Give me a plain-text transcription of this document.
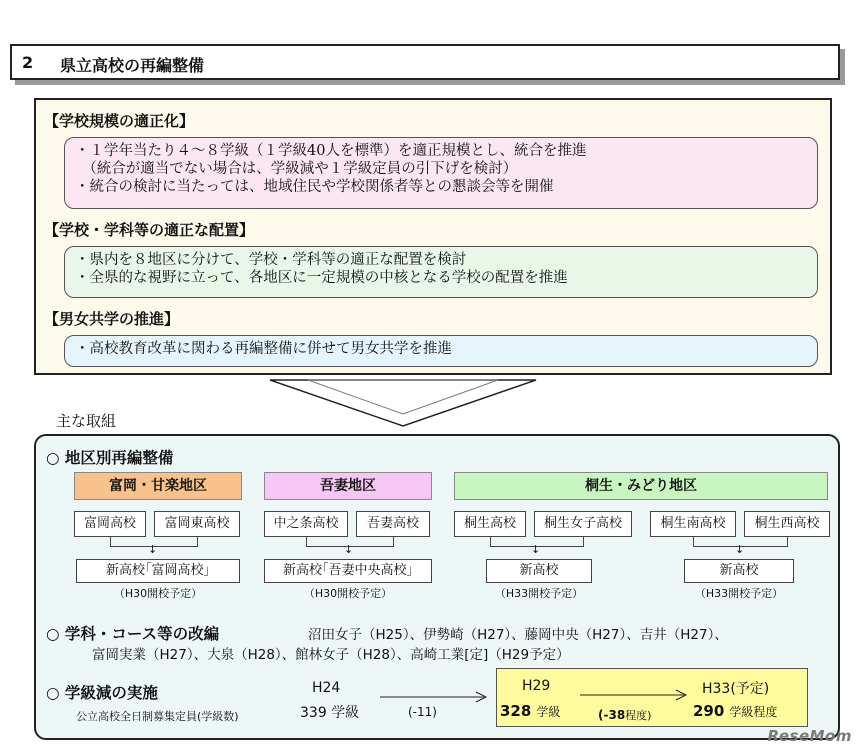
2 県立高校の再編整備
【学校規模の適正化】
・１学年当たり４～８学級（１学級40人を標準）を適正規模とし、統合を推進
　（統合が適当でない場合は、学級減や１学級定員の引下げを検討）
・統合の検討に当たっては、地域住民や学校関係者等との懇談会等を開催
【学校・学科等の適正な配置】
・県内を８地区に分けて、学校・学科等の適正な配置を検討
・全県的な視野に立って、各地区に一定規模の中核となる学校の配置を推進
【男女共学の推進】
・高校教育改革に関わる再編整備に併せて男女共学を推進
主な取組
○ 地区別再編整備
富岡・甘楽地区	吾妻地区	桐生・みどり地区
富岡高校	富岡東高校
↓
新高校｢富岡高校｣
（H30開校予定）
中之条高校	吾妻高校
↓
新高校｢吾妻中央高校｣
（H30開校予定）
桐生高校	桐生女子高校
↓
新高校
（H33開校予定）
桐生南高校	桐生西高校
↓
新高校
（H33開校予定）
○ 学科・コース等の改編	沼田女子（H25）、伊勢崎（H27）、藤岡中央（H27）、吉井（H27）、
富岡実業（H27）、大泉（H28）、館林女子（H28）、高崎工業[定]（H29予定）
○ 学級減の実施
公立高校全日制募集定員(学級数)
H24
339 学級	(-11)
H29
328 学級	(-38程度)
H33(予定)
290 学級程度
ReseMom
